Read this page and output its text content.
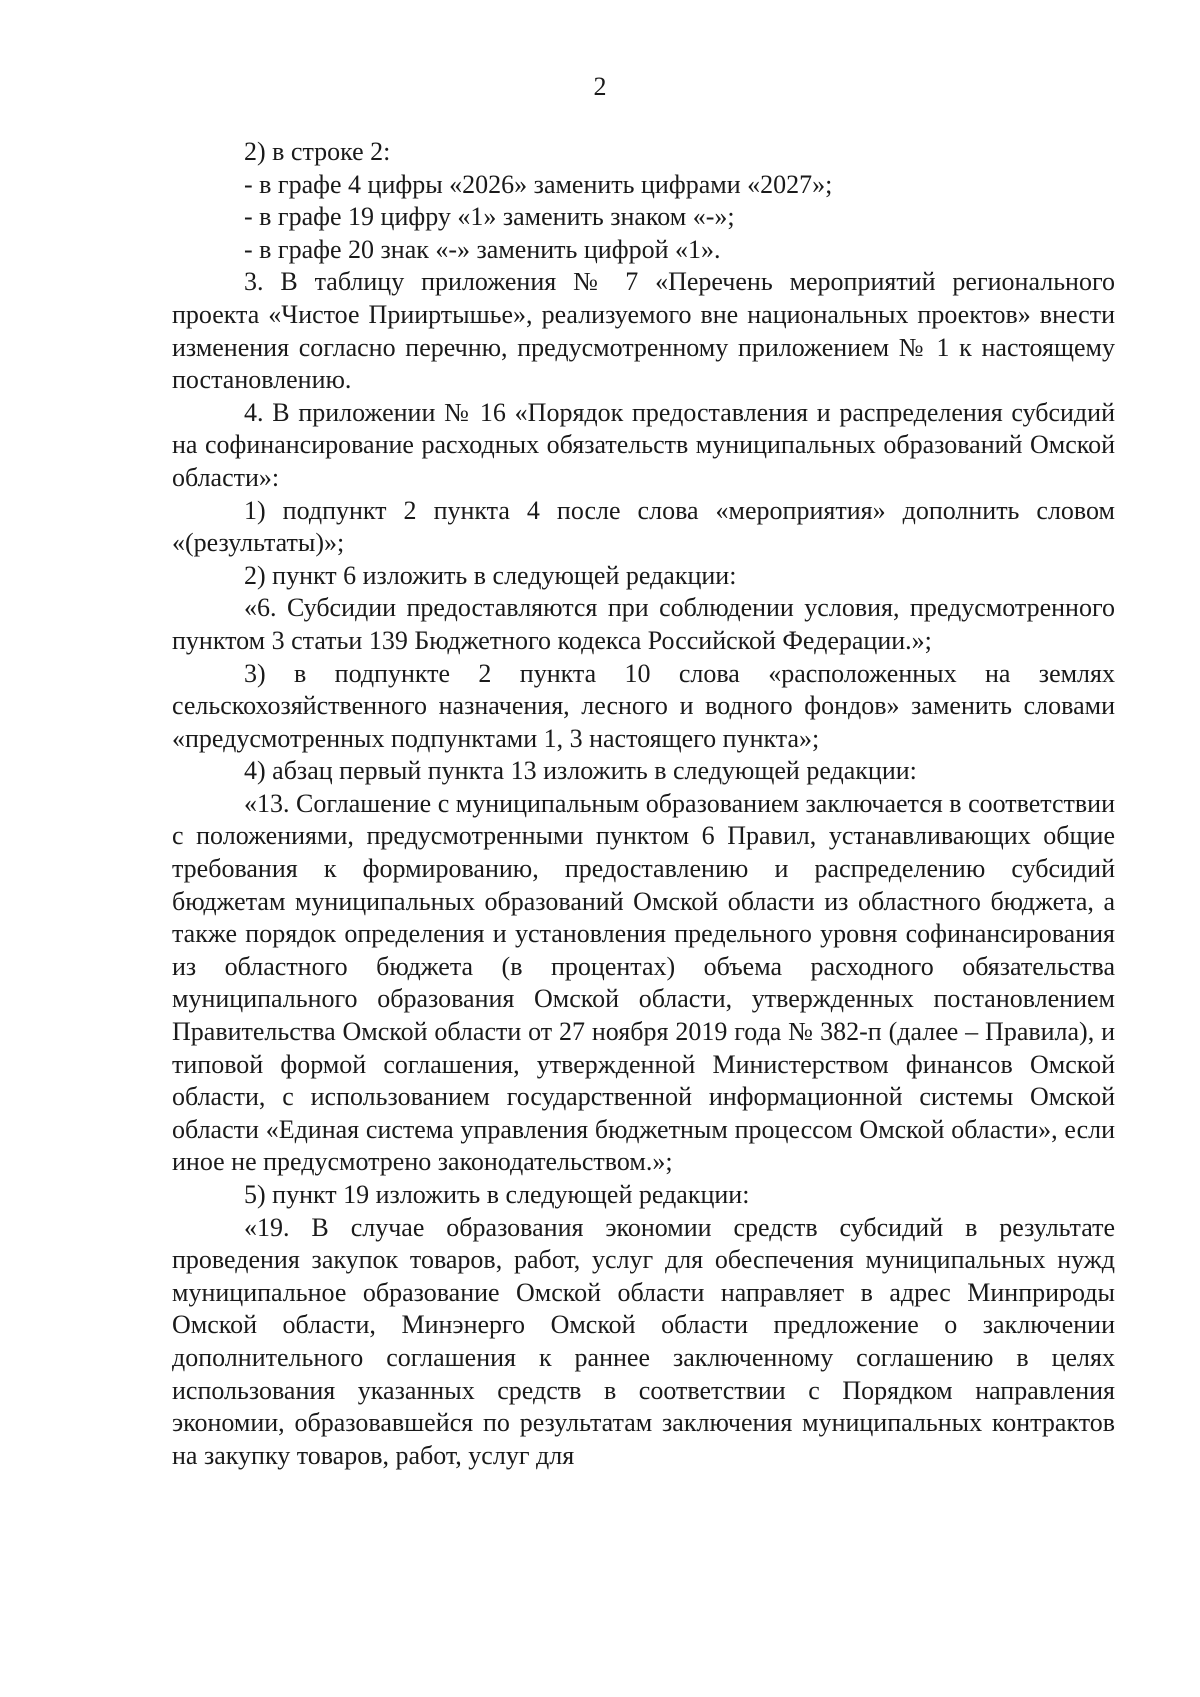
2

2) в строке 2:

- в графе 4 цифры «2026» заменить цифрами «2027»;

- в графе 19 цифру «1» заменить знаком «-»;

- в графе 20 знак «-» заменить цифрой «1».

3. В таблицу приложения № 7 «Перечень мероприятий регионального проекта «Чистое Прииртышье», реализуемого вне национальных проектов» внести изменения согласно перечню, предусмотренному приложением № 1 к настоящему постановлению.

4. В приложении № 16 «Порядок предоставления и распределения субсидий на софинансирование расходных обязательств муниципальных образований Омской области»:

1) подпункт 2 пункта 4 после слова «мероприятия» дополнить словом «(результаты)»;

2) пункт 6 изложить в следующей редакции:

«6. Субсидии предоставляются при соблюдении условия, предусмотренного пунктом 3 статьи 139 Бюджетного кодекса Российской Федерации.»;

3) в подпункте 2 пункта 10 слова «расположенных на землях сельскохозяйственного назначения, лесного и водного фондов» заменить словами «предусмотренных подпунктами 1, 3 настоящего пункта»;

4) абзац первый пункта 13 изложить в следующей редакции:

«13. Соглашение с муниципальным образованием заключается в соответствии с положениями, предусмотренными пунктом 6 Правил, устанавливающих общие требования к формированию, предоставлению и распределению субсидий бюджетам муниципальных образований Омской области из областного бюджета, а также порядок определения и установления предельного уровня софинансирования из областного бюджета (в процентах) объема расходного обязательства муниципального образования Омской области, утвержденных постановлением Правительства Омской области от 27 ноября 2019 года № 382-п (далее – Правила), и типовой формой соглашения, утвержденной Министерством финансов Омской области, с использованием государственной информационной системы Омской области «Единая система управления бюджетным процессом Омской области», если иное не предусмотрено законодательством.»;

5) пункт 19 изложить в следующей редакции:

«19. В случае образования экономии средств субсидий в результате проведения закупок товаров, работ, услуг для обеспечения муниципальных нужд муниципальное образование Омской области направляет в адрес Минприроды Омской области, Минэнерго Омской области предложение о заключении дополнительного соглашения к раннее заключенному соглашению в целях использования указанных средств в соответствии с Порядком направления экономии, образовавшейся по результатам заключения муниципальных контрактов на закупку товаров, работ, услуг для
